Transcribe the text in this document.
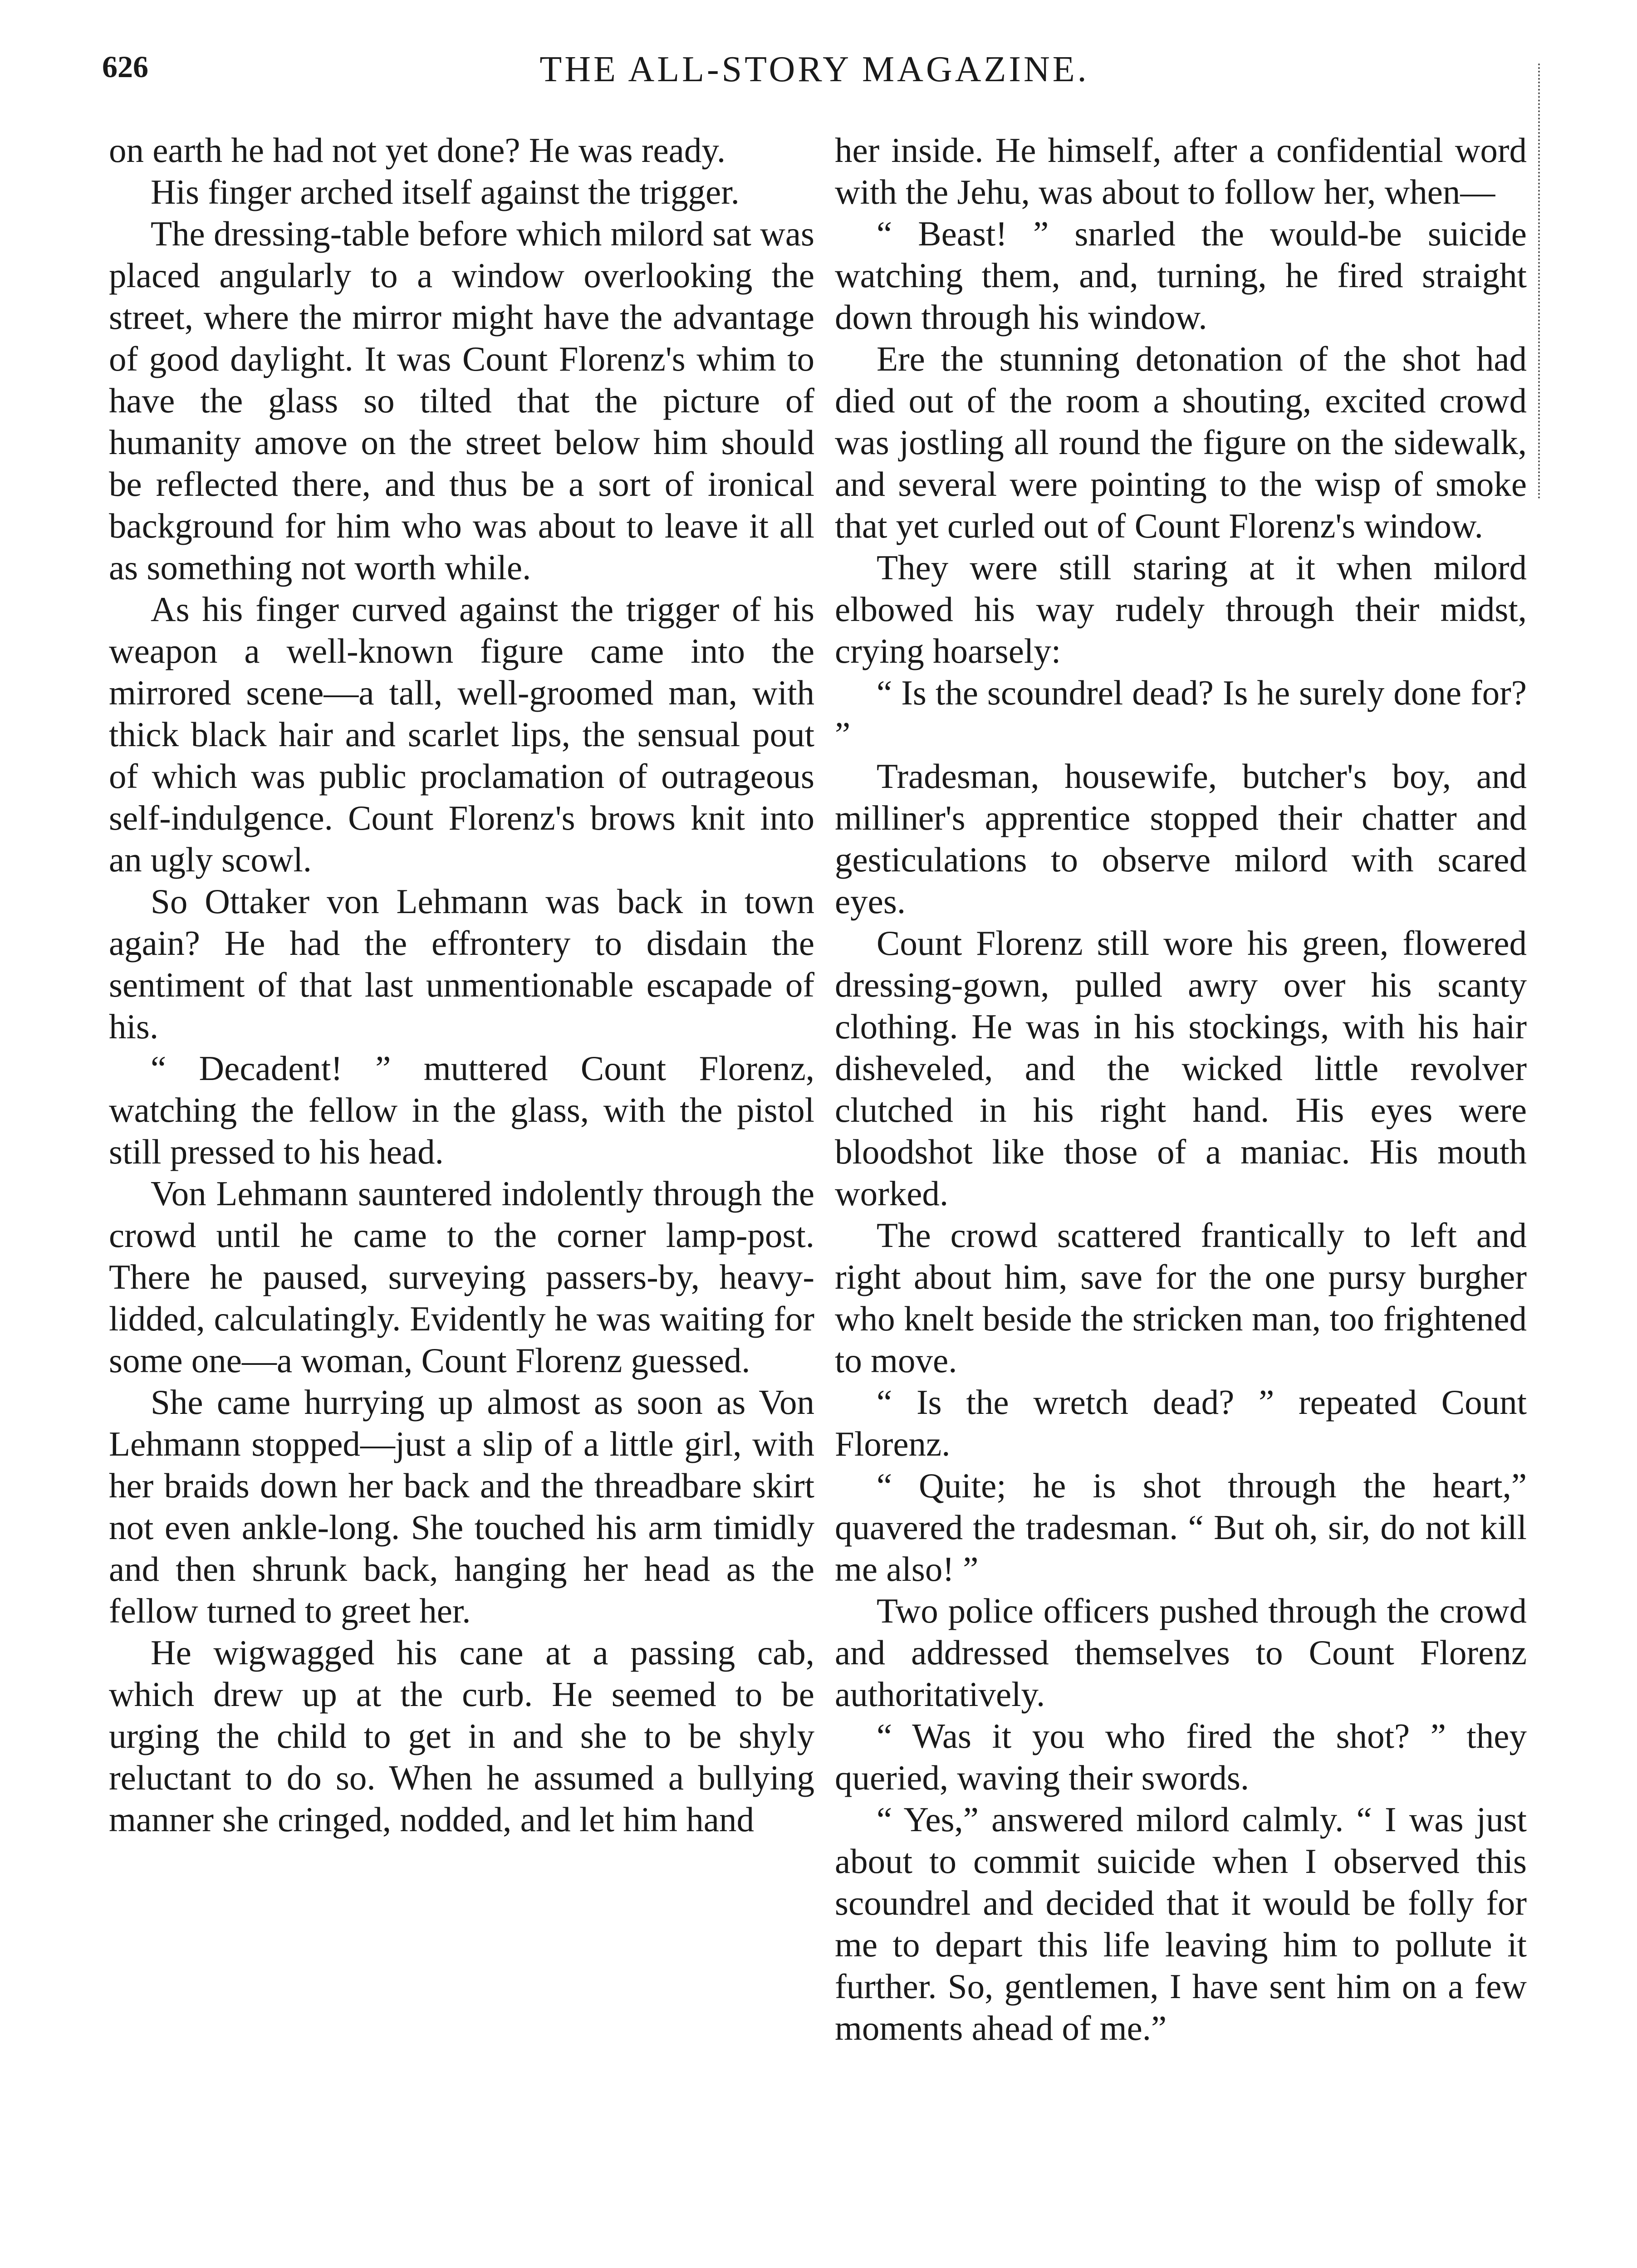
626	THE ALL-STORY MAGAZINE.

on earth he had not yet done? He was ready.

His finger arched itself against the trigger.

The dressing-table before which milord sat was placed angularly to a window overlooking the street, where the mirror might have the advantage of good daylight. It was Count Florenz's whim to have the glass so tilted that the picture of humanity amove on the street below him should be reflected there, and thus be a sort of ironical background for him who was about to leave it all as something not worth while.

As his finger curved against the trigger of his weapon a well-known figure came into the mirrored scene—a tall, well-groomed man, with thick black hair and scarlet lips, the sensual pout of which was public proclamation of outrageous self-indulgence. Count Florenz's brows knit into an ugly scowl.

So Ottaker von Lehmann was back in town again? He had the effrontery to disdain the sentiment of that last unmentionable escapade of his.

“ Decadent! ” muttered Count Florenz, watching the fellow in the glass, with the pistol still pressed to his head.

Von Lehmann sauntered indolently through the crowd until he came to the corner lamp-post. There he paused, surveying passers-by, heavy-lidded, calculatingly. Evidently he was waiting for some one—a woman, Count Florenz guessed.

She came hurrying up almost as soon as Von Lehmann stopped—just a slip of a little girl, with her braids down her back and the threadbare skirt not even ankle-long. She touched his arm timidly and then shrunk back, hanging her head as the fellow turned to greet her.

He wigwagged his cane at a passing cab, which drew up at the curb. He seemed to be urging the child to get in and she to be shyly reluctant to do so. When he assumed a bullying manner she cringed, nodded, and let him hand

her inside. He himself, after a confidential word with the Jehu, was about to follow her, when—

“ Beast! ” snarled the would-be suicide watching them, and, turning, he fired straight down through his window.

Ere the stunning detonation of the shot had died out of the room a shouting, excited crowd was jostling all round the figure on the sidewalk, and several were pointing to the wisp of smoke that yet curled out of Count Florenz's window.

They were still staring at it when milord elbowed his way rudely through their midst, crying hoarsely:

“ Is the scoundrel dead? Is he surely done for? ”

Tradesman, housewife, butcher's boy, and milliner's apprentice stopped their chatter and gesticulations to observe milord with scared eyes.

Count Florenz still wore his green, flowered dressing-gown, pulled awry over his scanty clothing. He was in his stockings, with his hair disheveled, and the wicked little revolver clutched in his right hand. His eyes were bloodshot like those of a maniac. His mouth worked.

The crowd scattered frantically to left and right about him, save for the one pursy burgher who knelt beside the stricken man, too frightened to move.

“ Is the wretch dead? ” repeated Count Florenz.

“ Quite; he is shot through the heart,” quavered the tradesman. “ But oh, sir, do not kill me also! ”

Two police officers pushed through the crowd and addressed themselves to Count Florenz authoritatively.

“ Was it you who fired the shot? ” they queried, waving their swords.

“ Yes,” answered milord calmly. “ I was just about to commit suicide when I observed this scoundrel and decided that it would be folly for me to depart this life leaving him to pollute it further. So, gentlemen, I have sent him on a few moments ahead of me.”
